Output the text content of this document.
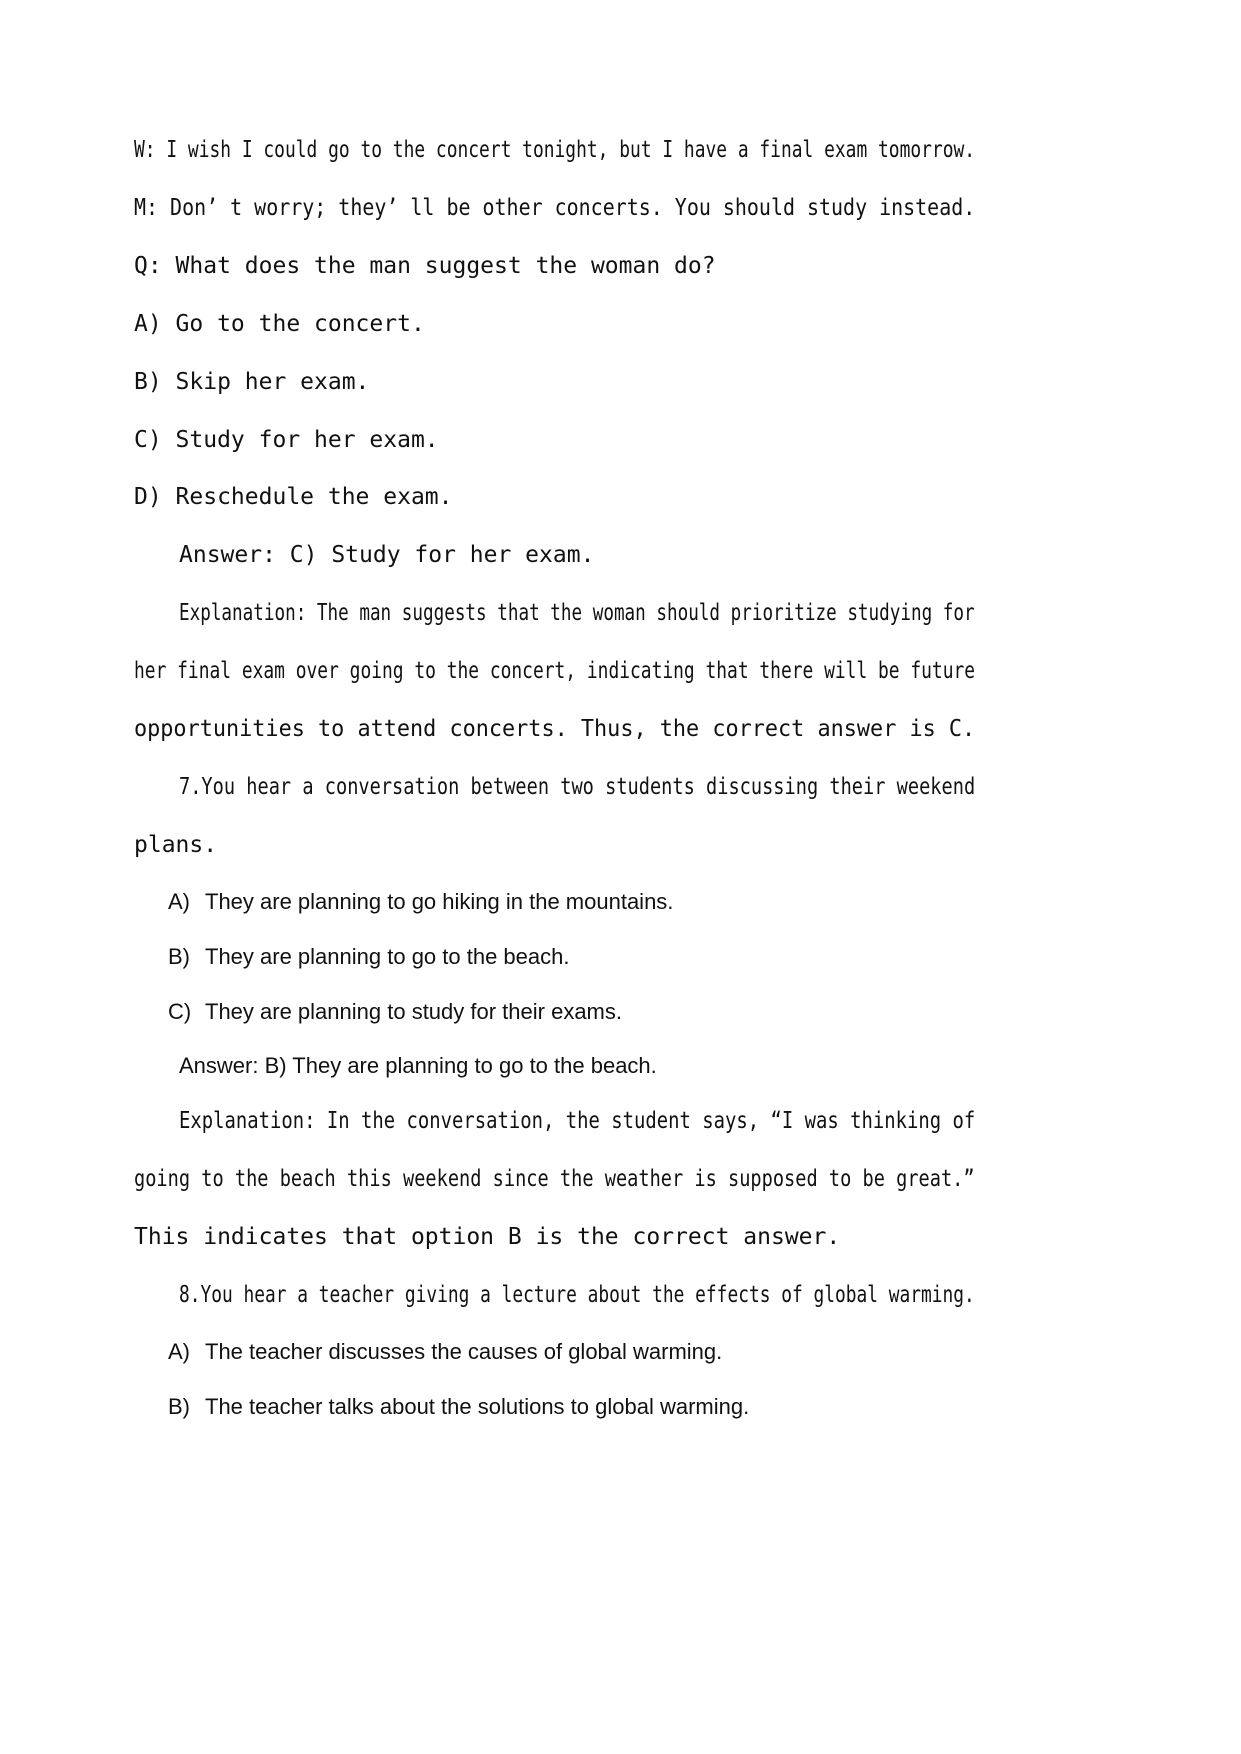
W: I wish I could go to the concert tonight, but I have a final exam tomorrow.
M: Don’ t worry; they’ ll be other concerts. You should study instead.
Q: What does the man suggest the woman do?
A) Go to the concert.
B) Skip her exam.
C) Study for her exam.
D) Reschedule the exam.
Answer: C) Study for her exam.
Explanation: The man suggests that the woman should prioritize studying for
her final exam over going to the concert, indicating that there will be future
opportunities to attend concerts. Thus, the correct answer is C.
7.You hear a conversation between two students discussing their weekend
plans.
A) They are planning to go hiking in the mountains.
B) They are planning to go to the beach.
C) They are planning to study for their exams.
Answer: B) They are planning to go to the beach.
Explanation: In the conversation, the student says, “I was thinking of
going to the beach this weekend since the weather is supposed to be great.”
This indicates that option B is the correct answer.
8.You hear a teacher giving a lecture about the effects of global warming.
A) The teacher discusses the causes of global warming.
B) The teacher talks about the solutions to global warming.
